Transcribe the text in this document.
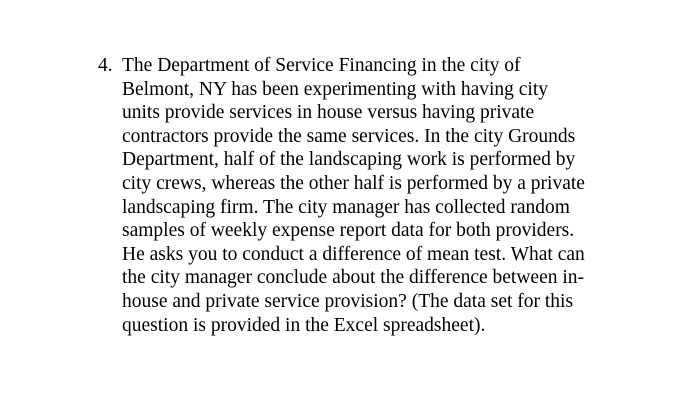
4. The Department of Service Financing in the city of
Belmont, NY has been experimenting with having city
units provide services in house versus having private
contractors provide the same services. In the city Grounds
Department, half of the landscaping work is performed by
city crews, whereas the other half is performed by a private
landscaping firm. The city manager has collected random
samples of weekly expense report data for both providers.
He asks you to conduct a difference of mean test. What can
the city manager conclude about the difference between in-
house and private service provision? (The data set for this
question is provided in the Excel spreadsheet).
